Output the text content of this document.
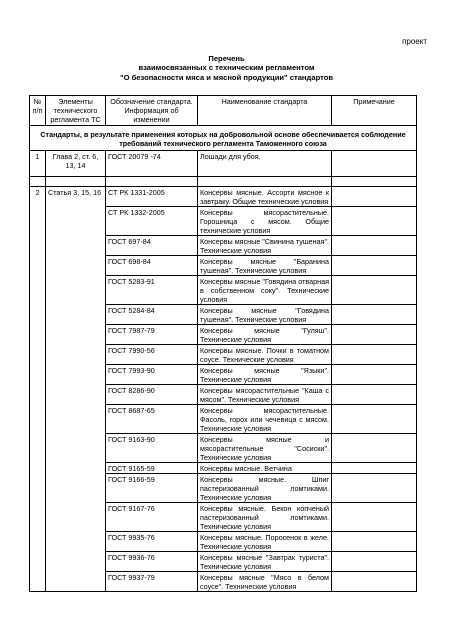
проект
Перечень
взаимосвязанных с техническим регламентом
"О безопасности мяса и мясной продукции" стандартов
№ п/п	Элементы технического регламента ТС	Обозначение стандарта. Информация об изменении	Наименование стандарта	Примечание
Стандарты, в результате применения которых на добровольной основе обеспечивается соблюдение требований технического регламента Таможенного союза				
1	Глава 2, ст. 6, 13, 14	ГОСТ 20079 -74	Лошади для убоя.	

2	Статья 3, 15, 16	СТ РК 1331-2005	Консервы мясные. Ассорти мясное к завтраку. Общие технические условия	
		СТ РК 1332-2005	Консервы мясорастительные. Горошница с мясом. Общие технические условия	
		ГОСТ 697-84	Консервы мясные "Свинина тушеная". Технические условия	
		ГОСТ 698-84	Консервы мясные "Баранина тушеная". Технические условия	
		ГОСТ 5283-91	Консервы мясные "Говядина отварная в собственном соку". Технические условия	
		ГОСТ 5284-84	Консервы мясные "Говядина тушеная". Технические условия	
		ГОСТ 7987-79	Консервы мясные "Гуляш". Технические условия	
		ГОСТ 7990-56	Консервы мясные. Почки в томатном соусе. Технические условия	
		ГОСТ 7993-90	Консервы мясные "Языки". Технические условия	
		ГОСТ 8286-90	Консервы мясорастительные "Каша с мясом". Технические условия	
		ГОСТ 8687-65	Консервы мясорастительные. Фасоль, горох или чечевица с мясом. Технические условия	
		ГОСТ 9163-90	Консервы мясные и мясорастительные "Сосиски". Технические условия	
		ГОСТ 9165-59	Консервы мясные. Ветчина	
		ГОСТ 9166-59	Консервы мясные. Шпиг пастеризованный ломтиками. Технические условия	
		ГОСТ 9167-76	Консервы мясные. Бекон копченый пастеризованный ломтиками. Технические условия	
		ГОСТ 9935-76	Консервы мясные. Поросенок в желе. Технические условия	
		ГОСТ 9936-76	Консервы мясные "Завтрак туриста". Технические условия	
		ГОСТ 9937-79	Консервы мясные "Мясо в белом соусе". Технические условия	
